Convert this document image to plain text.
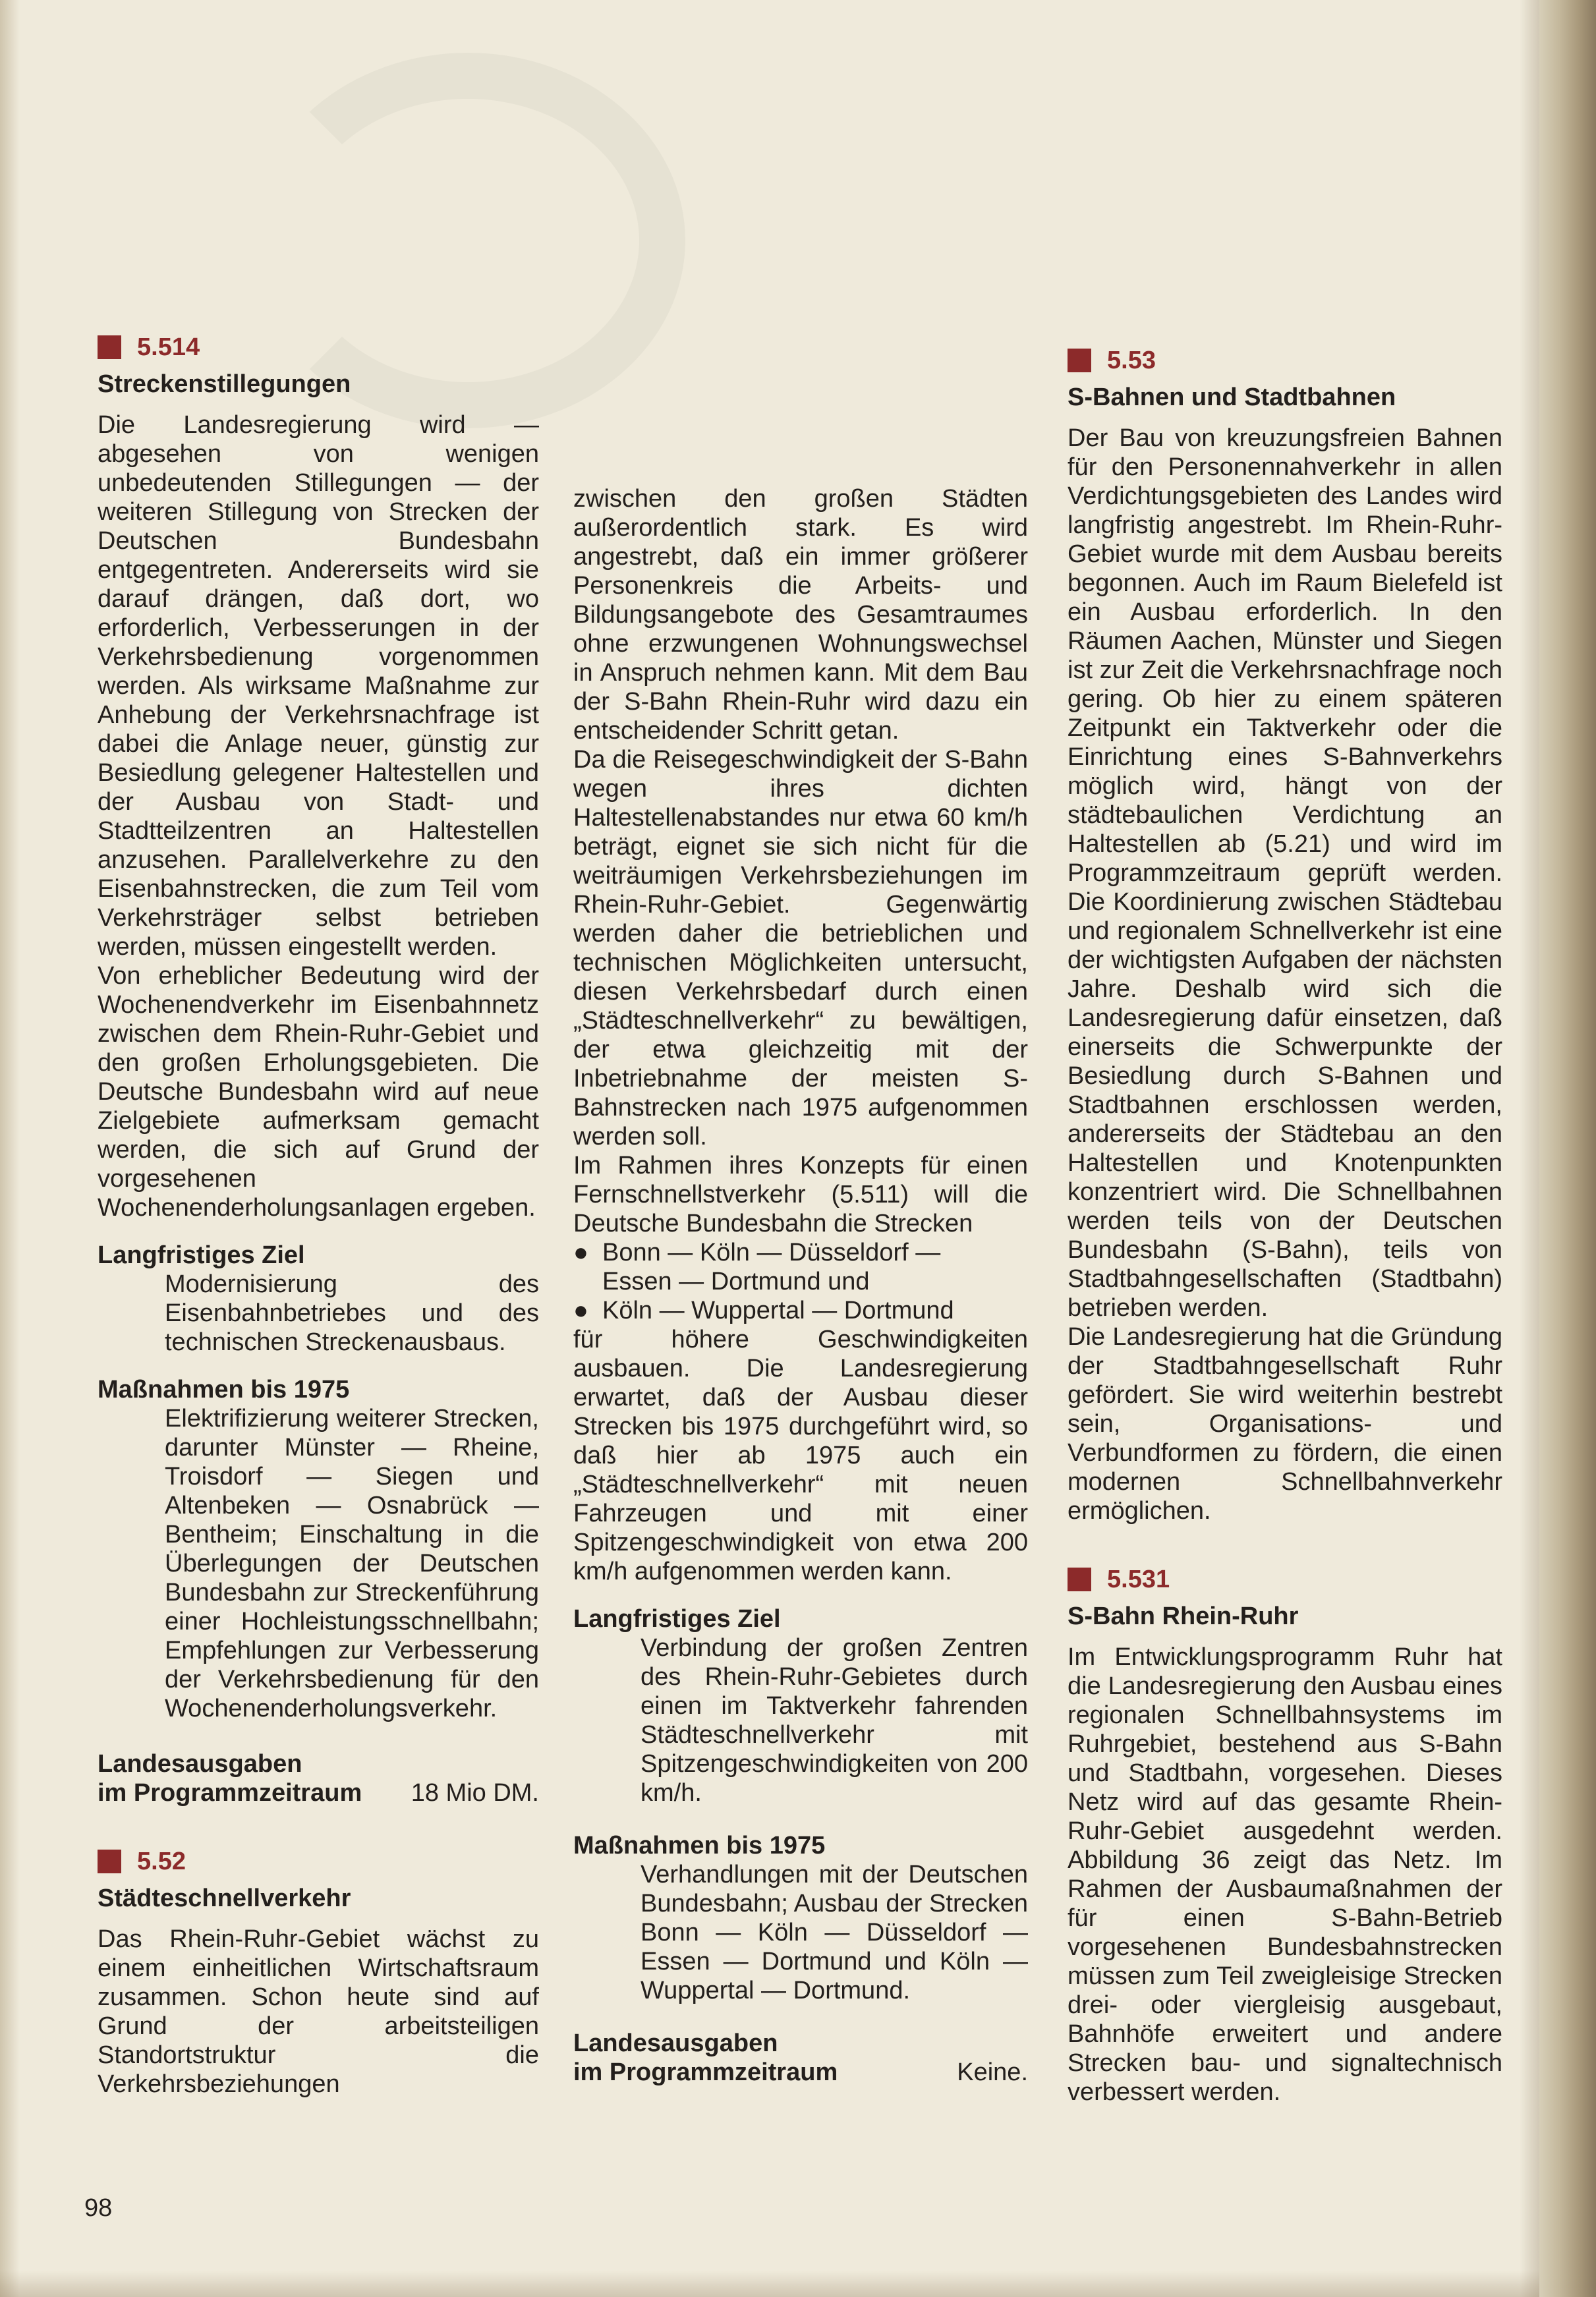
5.514
Streckenstillegungen

Die Landesregierung wird — abgesehen von wenigen unbedeutenden Stillegungen — der weiteren Stillegung von Strecken der Deutschen Bundesbahn entgegentreten. Andererseits wird sie darauf drängen, daß dort, wo erforderlich, Verbesserungen in der Verkehrsbedienung vorgenommen werden. Als wirksame Maßnahme zur Anhebung der Verkehrsnachfrage ist dabei die Anlage neuer, günstig zur Besiedlung gelegener Haltestellen und der Ausbau von Stadt- und Stadtteilzentren an Haltestellen anzusehen. Parallelverkehre zu den Eisenbahnstrecken, die zum Teil vom Verkehrsträger selbst betrieben werden, müssen eingestellt werden.

Von erheblicher Bedeutung wird der Wochenendverkehr im Eisenbahnnetz zwischen dem Rhein-Ruhr-Gebiet und den großen Erholungsgebieten. Die Deutsche Bundesbahn wird auf neue Zielgebiete aufmerksam gemacht werden, die sich auf Grund der vorgesehenen Wochenenderholungsanlagen ergeben.

Langfristiges Ziel
Modernisierung des Eisenbahnbetriebes und des technischen Streckenausbaus.
Maßnahmen bis 1975
Elektrifizierung weiterer Strecken, darunter Münster — Rheine, Troisdorf — Siegen und Altenbeken — Osnabrück — Bentheim; Einschaltung in die Überlegungen der Deutschen Bundesbahn zur Streckenführung einer Hochleistungsschnellbahn; Empfehlungen zur Verbesserung der Verkehrsbedienung für den Wochenenderholungsverkehr.
Landesausgaben
im Programmzeitraum 18 Mio DM.
5.52
Städteschnellverkehr

Das Rhein-Ruhr-Gebiet wächst zu einem einheitlichen Wirtschaftsraum zusammen. Schon heute sind auf Grund der arbeitsteiligen Standortstruktur die Verkehrsbeziehungen

zwischen den großen Städten außerordentlich stark. Es wird angestrebt, daß ein immer größerer Personenkreis die Arbeits- und Bildungsangebote des Gesamtraumes ohne erzwungenen Wohnungswechsel in Anspruch nehmen kann. Mit dem Bau der S-Bahn Rhein-Ruhr wird dazu ein entscheidender Schritt getan.

Da die Reisegeschwindigkeit der S-Bahn wegen ihres dichten Haltestellenabstandes nur etwa 60 km/h beträgt, eignet sie sich nicht für die weiträumigen Verkehrsbeziehungen im Rhein-Ruhr-Gebiet. Gegenwärtig werden daher die betrieblichen und technischen Möglichkeiten untersucht, diesen Verkehrsbedarf durch einen „Städteschnellverkehr“ zu bewältigen, der etwa gleichzeitig mit der Inbetriebnahme der meisten S-Bahnstrecken nach 1975 aufgenommen werden soll.

Im Rahmen ihres Konzepts für einen Fernschnellstverkehr (5.511) will die Deutsche Bundesbahn die Strecken

● Bonn — Köln — Düsseldorf —
Essen — Dortmund und
● Köln — Wuppertal — Dortmund

für höhere Geschwindigkeiten ausbauen. Die Landesregierung erwartet, daß der Ausbau dieser Strecken bis 1975 durchgeführt wird, so daß hier ab 1975 auch ein „Städteschnellverkehr“ mit neuen Fahrzeugen und mit einer Spitzengeschwindigkeit von etwa 200 km/h aufgenommen werden kann.

Langfristiges Ziel
Verbindung der großen Zentren des Rhein-Ruhr-Gebietes durch einen im Taktverkehr fahrenden Städteschnellverkehr mit Spitzengeschwindigkeiten von 200 km/h.
Maßnahmen bis 1975
Verhandlungen mit der Deutschen Bundesbahn; Ausbau der Strecken Bonn — Köln — Düsseldorf — Essen — Dortmund und Köln — Wuppertal — Dortmund.
Landesausgaben
im Programmzeitraum	Keine.
5.53
S-Bahnen und Stadtbahnen

Der Bau von kreuzungsfreien Bahnen für den Personennahverkehr in allen Verdichtungsgebieten des Landes wird langfristig angestrebt. Im Rhein-Ruhr-Gebiet wurde mit dem Ausbau bereits begonnen. Auch im Raum Bielefeld ist ein Ausbau erforderlich. In den Räumen Aachen, Münster und Siegen ist zur Zeit die Verkehrsnachfrage noch gering. Ob hier zu einem späteren Zeitpunkt ein Taktverkehr oder die Einrichtung eines S-Bahnverkehrs möglich wird, hängt von der städtebaulichen Verdichtung an Haltestellen ab (5.21) und wird im Programmzeitraum geprüft werden. Die Koordinierung zwischen Städtebau und regionalem Schnellverkehr ist eine der wichtigsten Aufgaben der nächsten Jahre. Deshalb wird sich die Landesregierung dafür einsetzen, daß einerseits die Schwerpunkte der Besiedlung durch S-Bahnen und Stadtbahnen erschlossen werden, andererseits der Städtebau an den Haltestellen und Knotenpunkten konzentriert wird. Die Schnellbahnen werden teils von der Deutschen Bundesbahn (S-Bahn), teils von Stadtbahngesellschaften (Stadtbahn) betrieben werden.

Die Landesregierung hat die Gründung der Stadtbahngesellschaft Ruhr gefördert. Sie wird weiterhin bestrebt sein, Organisations- und Verbundformen zu fördern, die einen modernen Schnellbahnverkehr ermöglichen.

5.531
S-Bahn Rhein-Ruhr

Im Entwicklungsprogramm Ruhr hat die Landesregierung den Ausbau eines regionalen Schnellbahnsystems im Ruhrgebiet, bestehend aus S-Bahn und Stadtbahn, vorgesehen. Dieses Netz wird auf das gesamte Rhein-Ruhr-Gebiet ausgedehnt werden. Abbildung 36 zeigt das Netz. Im Rahmen der Ausbaumaßnahmen der für einen S-Bahn-Betrieb vorgesehenen Bundesbahnstrecken müssen zum Teil zweigleisige Strecken drei- oder viergleisig ausgebaut, Bahnhöfe erweitert und andere Strecken bau- und signaltechnisch verbessert werden.

98
